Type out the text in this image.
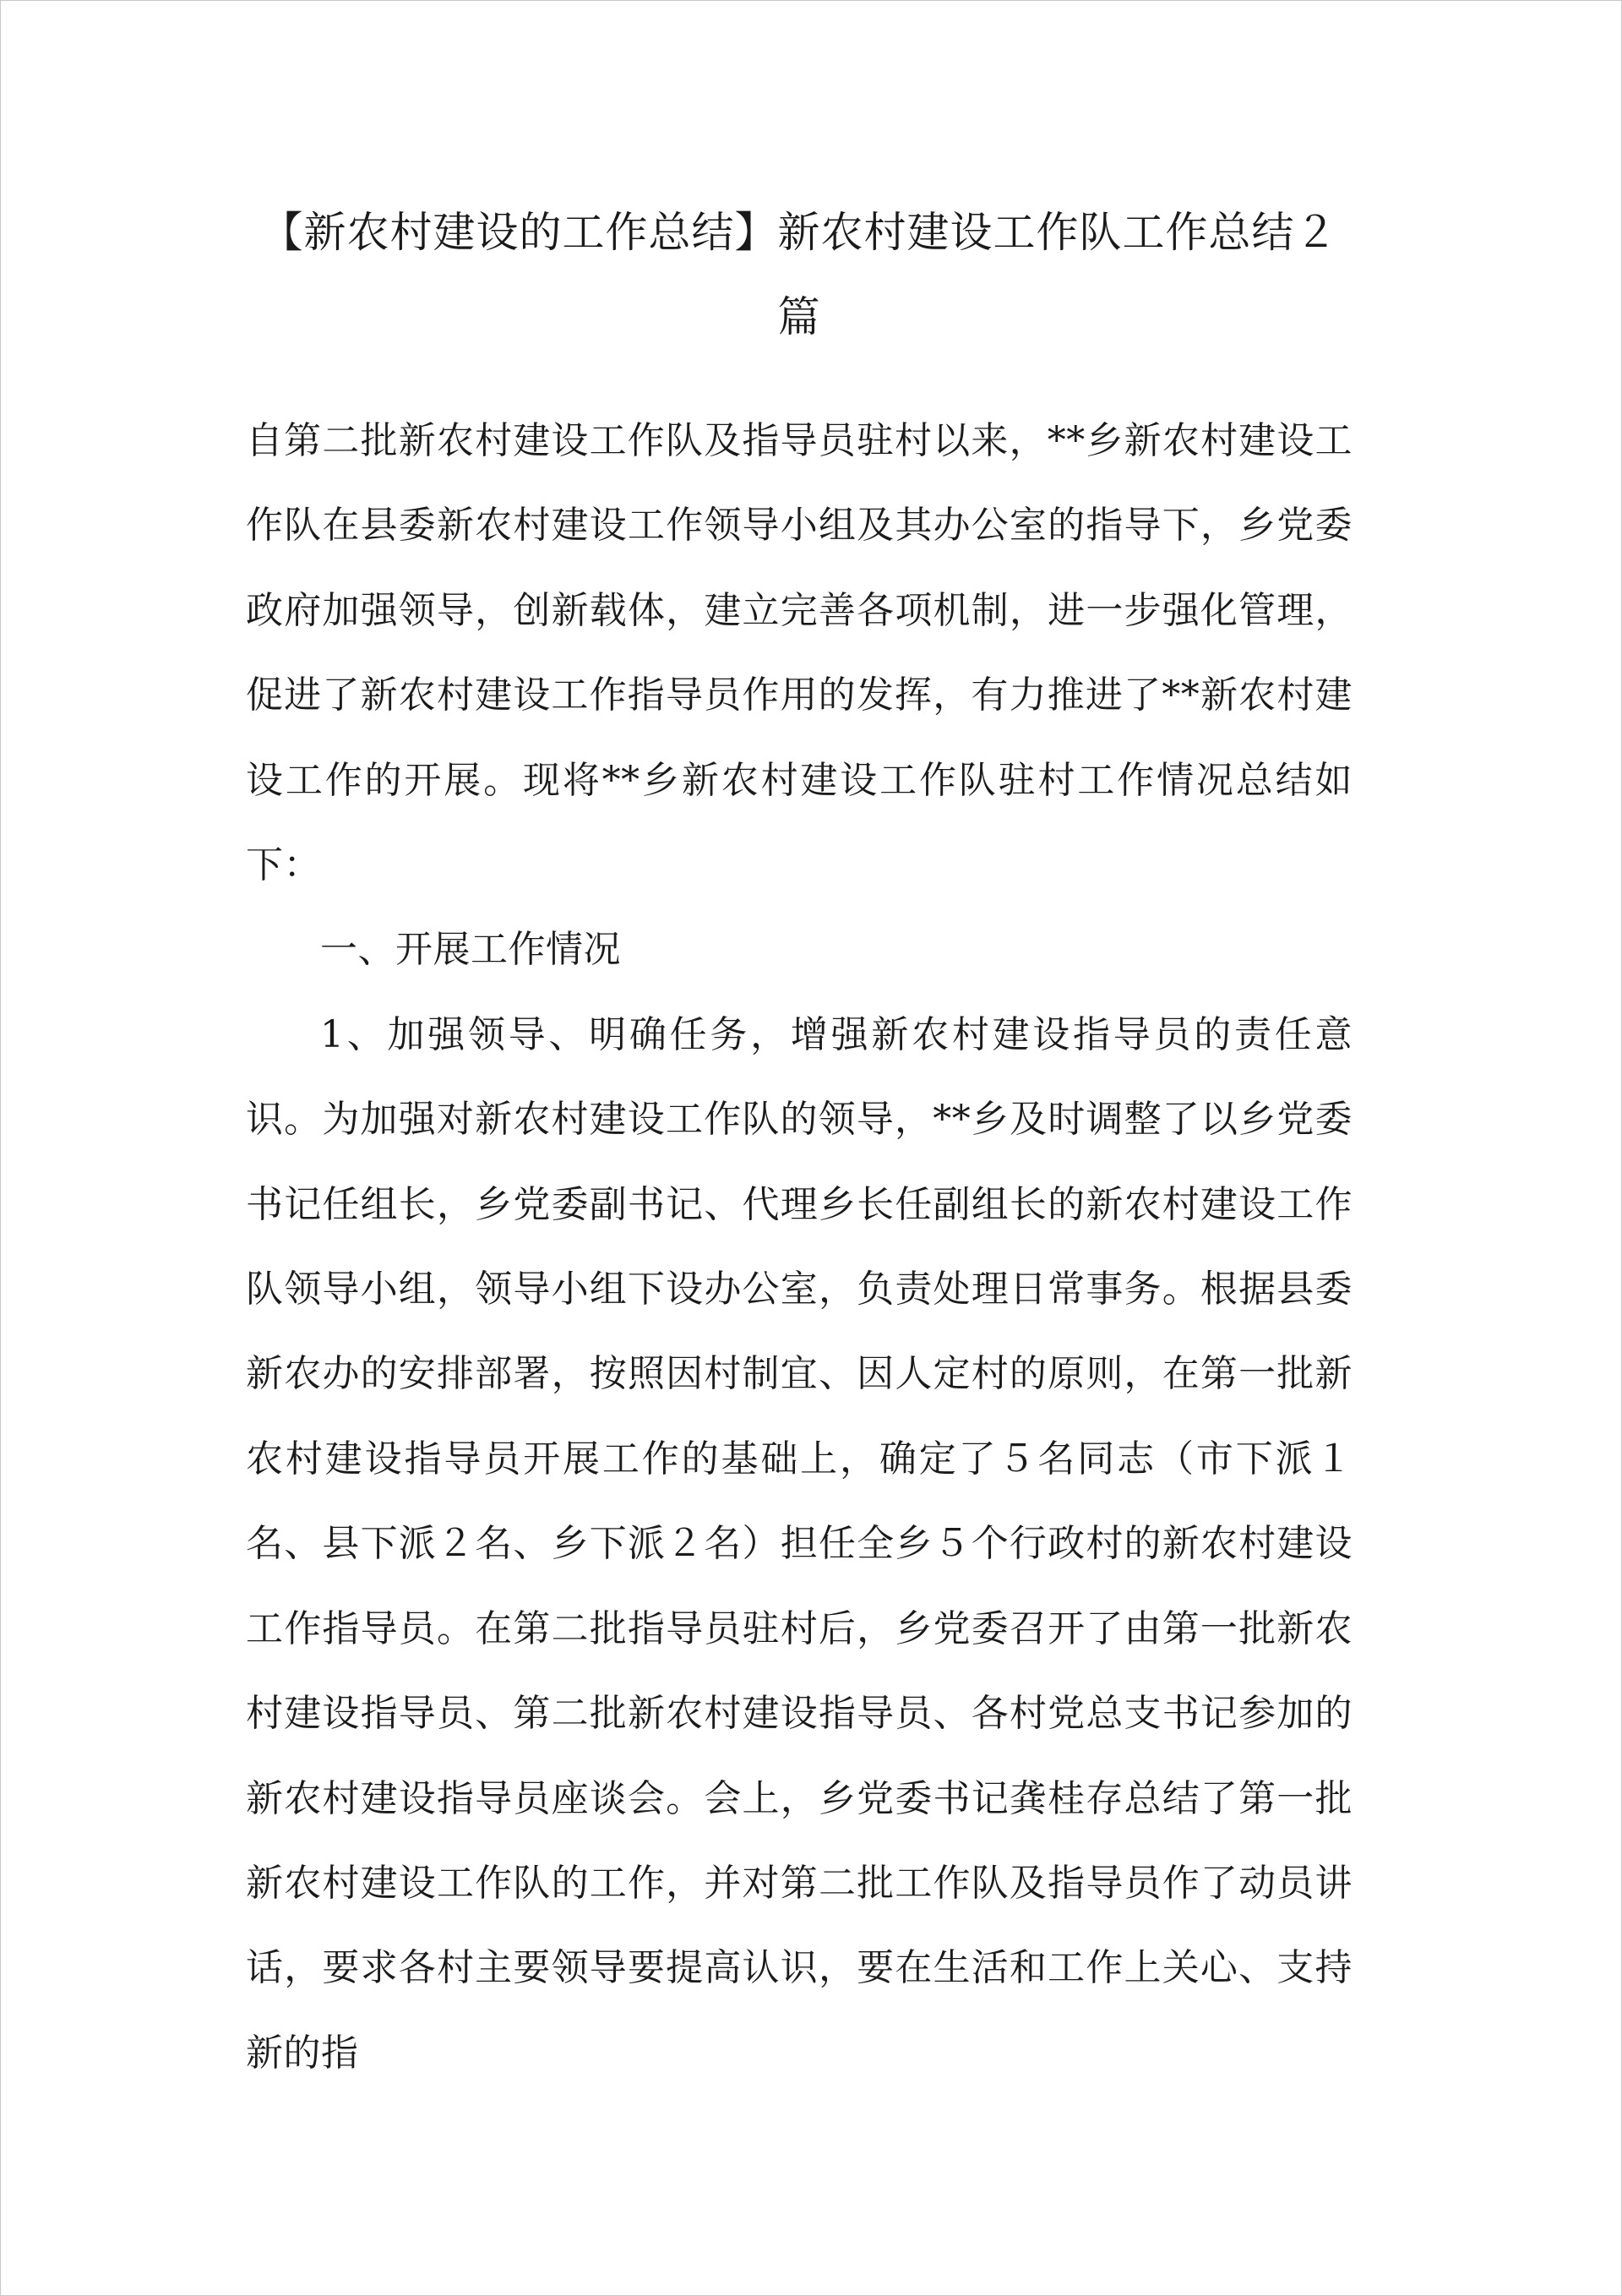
【新农村建设的工作总结】新农村建设工作队工作总结２篇

自第二批新农村建设工作队及指导员驻村以来，**乡新农村建设工作队在县委新农村建设工作领导小组及其办公室的指导下，乡党委政府加强领导，创新载体，建立完善各项机制，进一步强化管理，促进了新农村建设工作指导员作用的发挥，有力推进了**新农村建设工作的开展。现将**乡新农村建设工作队驻村工作情况总结如下：

一、开展工作情况

1、加强领导、明确任务，增强新农村建设指导员的责任意识。为加强对新农村建设工作队的领导，**乡及时调整了以乡党委书记任组长，乡党委副书记、代理乡长任副组长的新农村建设工作队领导小组，领导小组下设办公室，负责处理日常事务。根据县委新农办的安排部署，按照因村制宜、因人定村的原则，在第一批新农村建设指导员开展工作的基础上，确定了５名同志（市下派１名、县下派２名、乡下派２名）担任全乡５个行政村的新农村建设工作指导员。在第二批指导员驻村后，乡党委召开了由第一批新农村建设指导员、第二批新农村建设指导员、各村党总支书记参加的新农村建设指导员座谈会。会上，乡党委书记龚桂存总结了第一批新农村建设工作队的工作，并对第二批工作队及指导员作了动员讲话，要求各村主要领导要提高认识，要在生活和工作上关心、支持新的指
